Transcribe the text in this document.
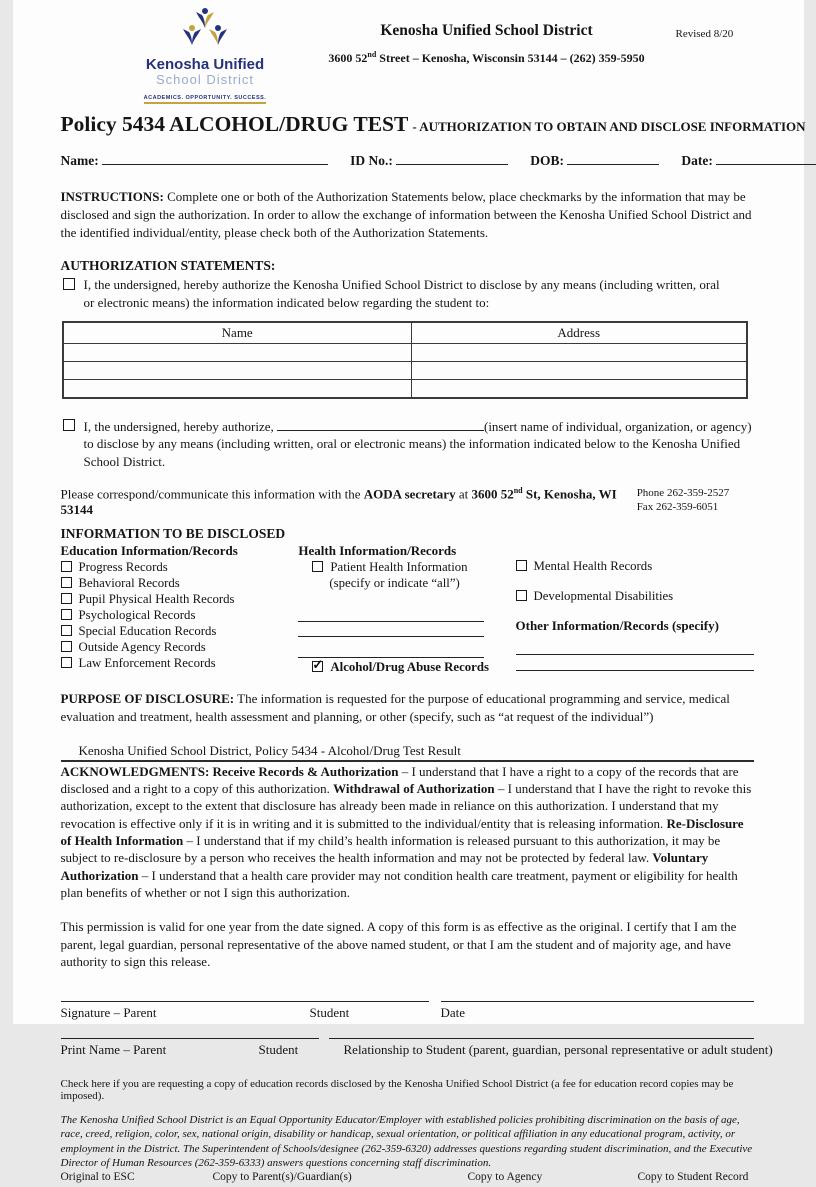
Kenosha Unified
School District
ACADEMICS. OPPORTUNITY. SUCCESS.
Kenosha Unified School District
3600 52nd Street – Kenosha, Wisconsin 53144 – (262) 359-5950
Revised 8/20
Policy 5434 ALCOHOL/DRUG TEST - AUTHORIZATION TO OBTAIN AND DISCLOSE INFORMATION
Name:	ID No.:	DOB:	Date:
INSTRUCTIONS: Complete one or both of the Authorization Statements below, place checkmarks by the information that may be disclosed and sign the authorization. In order to allow the exchange of information between the Kenosha Unified School District and the identified individual/entity, please check both of the Authorization Statements.
AUTHORIZATION STATEMENTS:
I, the undersigned, hereby authorize the Kenosha Unified School District to disclose by any means (including written, oral or electronic means) the information indicated below regarding the student to:
Name	Address

I, the undersigned, hereby authorize,	(insert name of individual, organization, or agency) to disclose by any means (including written, oral or electronic means) the information indicated below to the Kenosha Unified School District.
Please correspond/communicate this information with the AODA secretary at 3600 52nd St, Kenosha, WI 53144
Phone 262-359-2527
Fax 262-359-6051
INFORMATION TO BE DISCLOSED
Education Information/Records
Progress Records
Behavioral Records
Pupil Physical Health Records
Psychological Records
Special Education Records
Outside Agency Records
Law Enforcement Records
Health Information/Records
Patient Health Information
(specify or indicate “all”)
✓ Alcohol/Drug Abuse Records
Mental Health Records
Developmental Disabilities
Other Information/Records (specify)
PURPOSE OF DISCLOSURE: The information is requested for the purpose of educational programming and service, medical evaluation and treatment, health assessment and planning, or other (specify, such as “at request of the individual”)
Kenosha Unified School District, Policy 5434 - Alcohol/Drug Test Result
ACKNOWLEDGMENTS: Receive Records & Authorization – I understand that I have a right to a copy of the records that are disclosed and a right to a copy of this authorization. Withdrawal of Authorization – I understand that I have the right to revoke this authorization, except to the extent that disclosure has already been made in reliance on this authorization. I understand that my revocation is effective only if it is in writing and it is submitted to the individual/entity that is releasing information. Re-Disclosure of Health Information – I understand that if my child’s health information is released pursuant to this authorization, it may be subject to re-disclosure by a person who receives the health information and may not be protected by federal law. Voluntary Authorization – I understand that a health care provider may not condition health care treatment, payment or eligibility for health plan benefits of whether or not I sign this authorization.
This permission is valid for one year from the date signed. A copy of this form is as effective as the original. I certify that I am the parent, legal guardian, personal representative of the above named student, or that I am the student and of majority age, and have authority to sign this release.
Signature – Parent	Student	Date
Print Name – Parent	Student	Relationship to Student (parent, guardian, personal representative or adult student)
Check here if you are requesting a copy of education records disclosed by the Kenosha Unified School District (a fee for education record copies may be imposed).
The Kenosha Unified School District is an Equal Opportunity Educator/Employer with established policies prohibiting discrimination on the basis of age, race, creed, religion, color, sex, national origin, disability or handicap, sexual orientation, or political affiliation in any educational program, activity, or employment in the District. The Superintendent of Schools/designee (262-359-6320) addresses questions regarding student discrimination, and the Executive Director of Human Resources (262-359-6333) answers questions concerning staff discrimination.
Original to ESC	Copy to Parent(s)/Guardian(s)	Copy to Agency	Copy to Student Record
